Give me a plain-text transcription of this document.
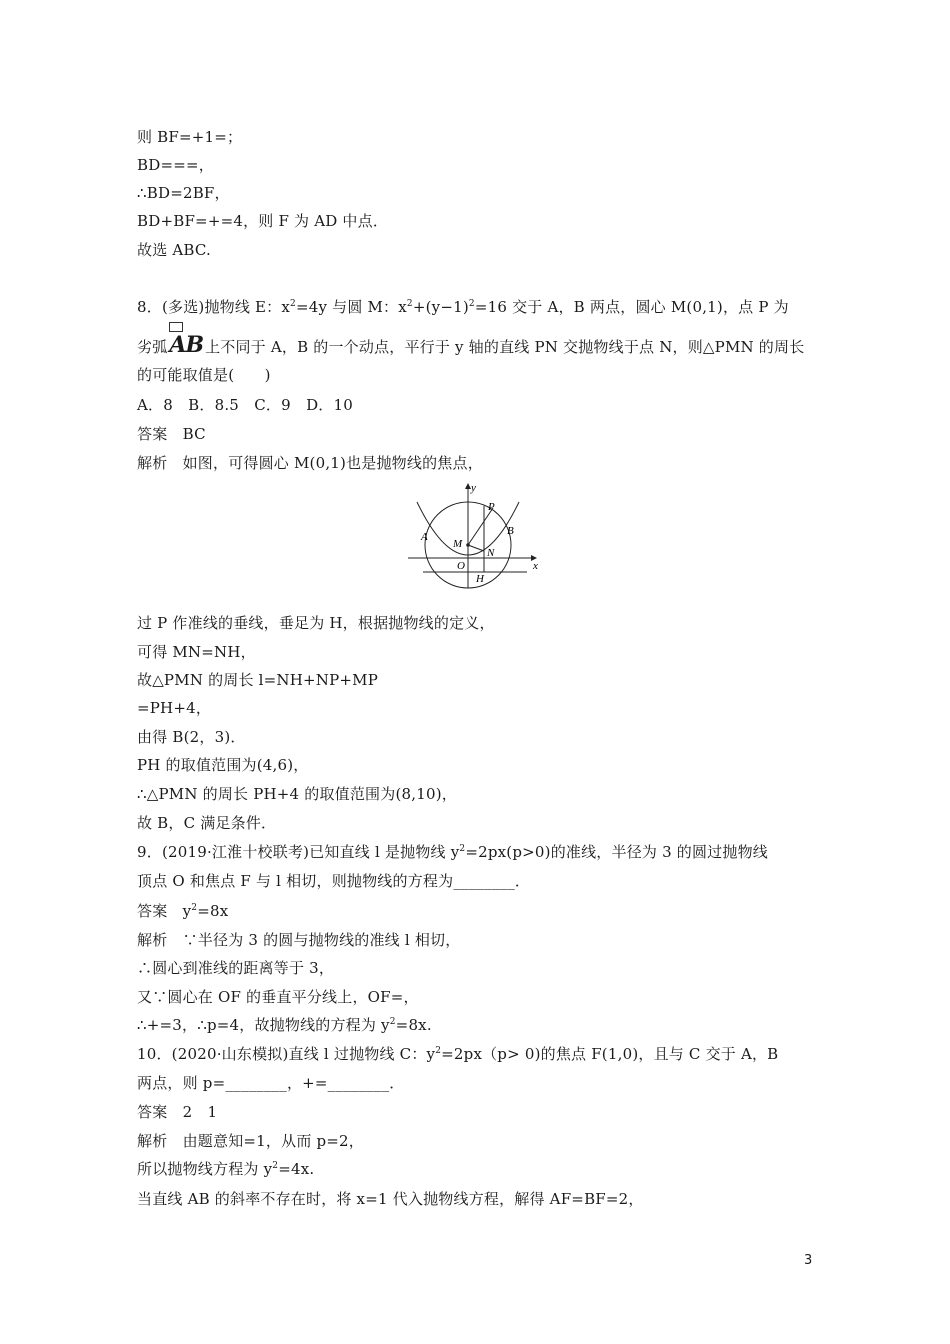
则 BF=+1=；
BD===，
∴BD=2BF，
BD+BF=+=4，则 F 为 AD 中点．
故选 ABC.
8．(多选)抛物线 E：$x^2=4y$ 与圆 M：$x^2+(y-1)^2=16$ 交于 A，B 两点，圆心 M(0,1)，点 P 为
劣弧
AB 上不同于 A，B 的一个动点，平行于 y 轴的直线 PN 交抛物线于点 N，则△PMN 的周长
的可能取值是(　　)
A．8　B．8.5　C．9　D．10
答案　BC
解析　如图，可得圆心 M(0,1)也是抛物线的焦点，
y
x
P
B
A
M
N
O
H
过 P 作准线的垂线，垂足为 H，根据抛物线的定义，
可得 MN=NH，
故△PMN 的周长 l=NH+NP+MP
=PH+4，
由得 B(2，3)．
PH 的取值范围为(4,6)，
∴△PMN 的周长 PH+4 的取值范围为(8,10)，
故 B，C 满足条件．
9．(2019·江淮十校联考)已知直线 l 是抛物线 $y^2=2px(p>0)$的准线，半径为 3 的圆过抛物线
顶点 O 和焦点 F 与 l 相切，则抛物线的方程为________．
答案　$y^2=8x$
解析　∵半径为 3 的圆与抛物线的准线 l 相切，
∴圆心到准线的距离等于 3，
又∵圆心在 OF 的垂直平分线上，OF=，
∴+=3，∴p=4，故抛物线的方程为 $y^2=8x$.
10．(2020·山东模拟)直线 l 过抛物线 C：$y^2=2px(p> 0)$的焦点 F(1,0)，且与 C 交于 A，B
两点，则 p=________，+=________．
答案　2　1
解析　由题意知=1，从而 p=2，
所以抛物线方程为 $y^2=4x$.
当直线 AB 的斜率不存在时，将 x=1 代入抛物线方程，解得 AF=BF=2，
3
